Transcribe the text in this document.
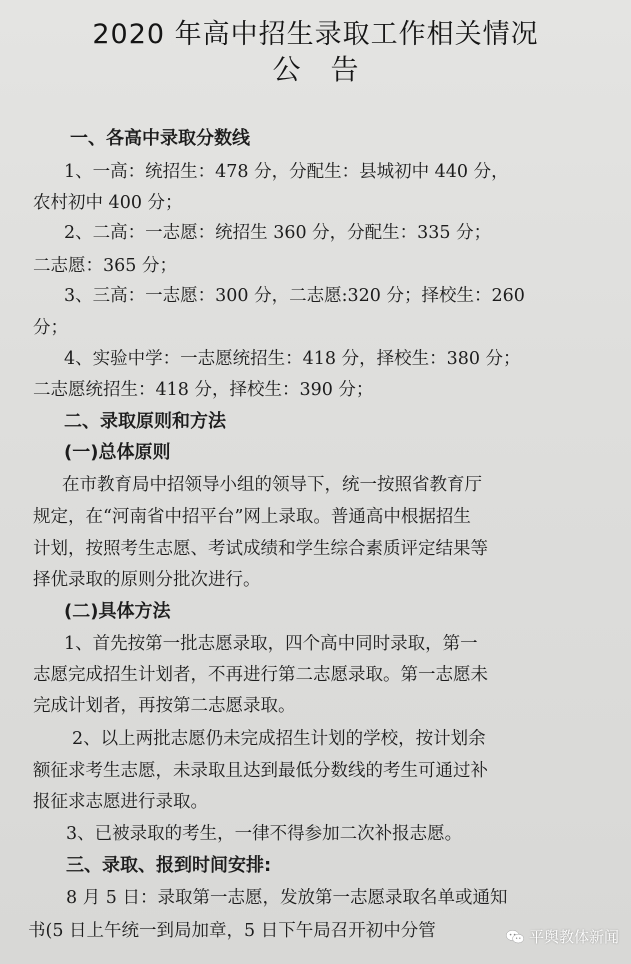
2020 年高中招生录取工作相关情况
公告
一、各高中录取分数线
1、一高：统招生：478 分，分配生：县城初中 440 分，
农村初中 400 分；
2、二高：一志愿：统招生 360 分，分配生：335 分；
二志愿：365 分；
3、三高：一志愿：300 分，二志愿:320 分；择校生：260
分；
4、实验中学：一志愿统招生：418 分，择校生：380 分；
二志愿统招生：418 分，择校生：390 分；
二、录取原则和方法
(一)总体原则
在市教育局中招领导小组的领导下，统一按照省教育厅
规定，在“河南省中招平台”网上录取。普通高中根据招生
计划，按照考生志愿、考试成绩和学生综合素质评定结果等
择优录取的原则分批次进行。
(二)具体方法
1、首先按第一批志愿录取，四个高中同时录取，第一
志愿完成招生计划者，不再进行第二志愿录取。第一志愿未
完成计划者，再按第二志愿录取。
2、以上两批志愿仍未完成招生计划的学校，按计划余
额征求考生志愿，未录取且达到最低分数线的考生可通过补
报征求志愿进行录取。
3、已被录取的考生，一律不得参加二次补报志愿。
三、录取、报到时间安排:
8 月 5 日：录取第一志愿，发放第一志愿录取名单或通知
书(5 日上午统一到局加章，5 日下午局召开初中分管	平舆教体新闻
